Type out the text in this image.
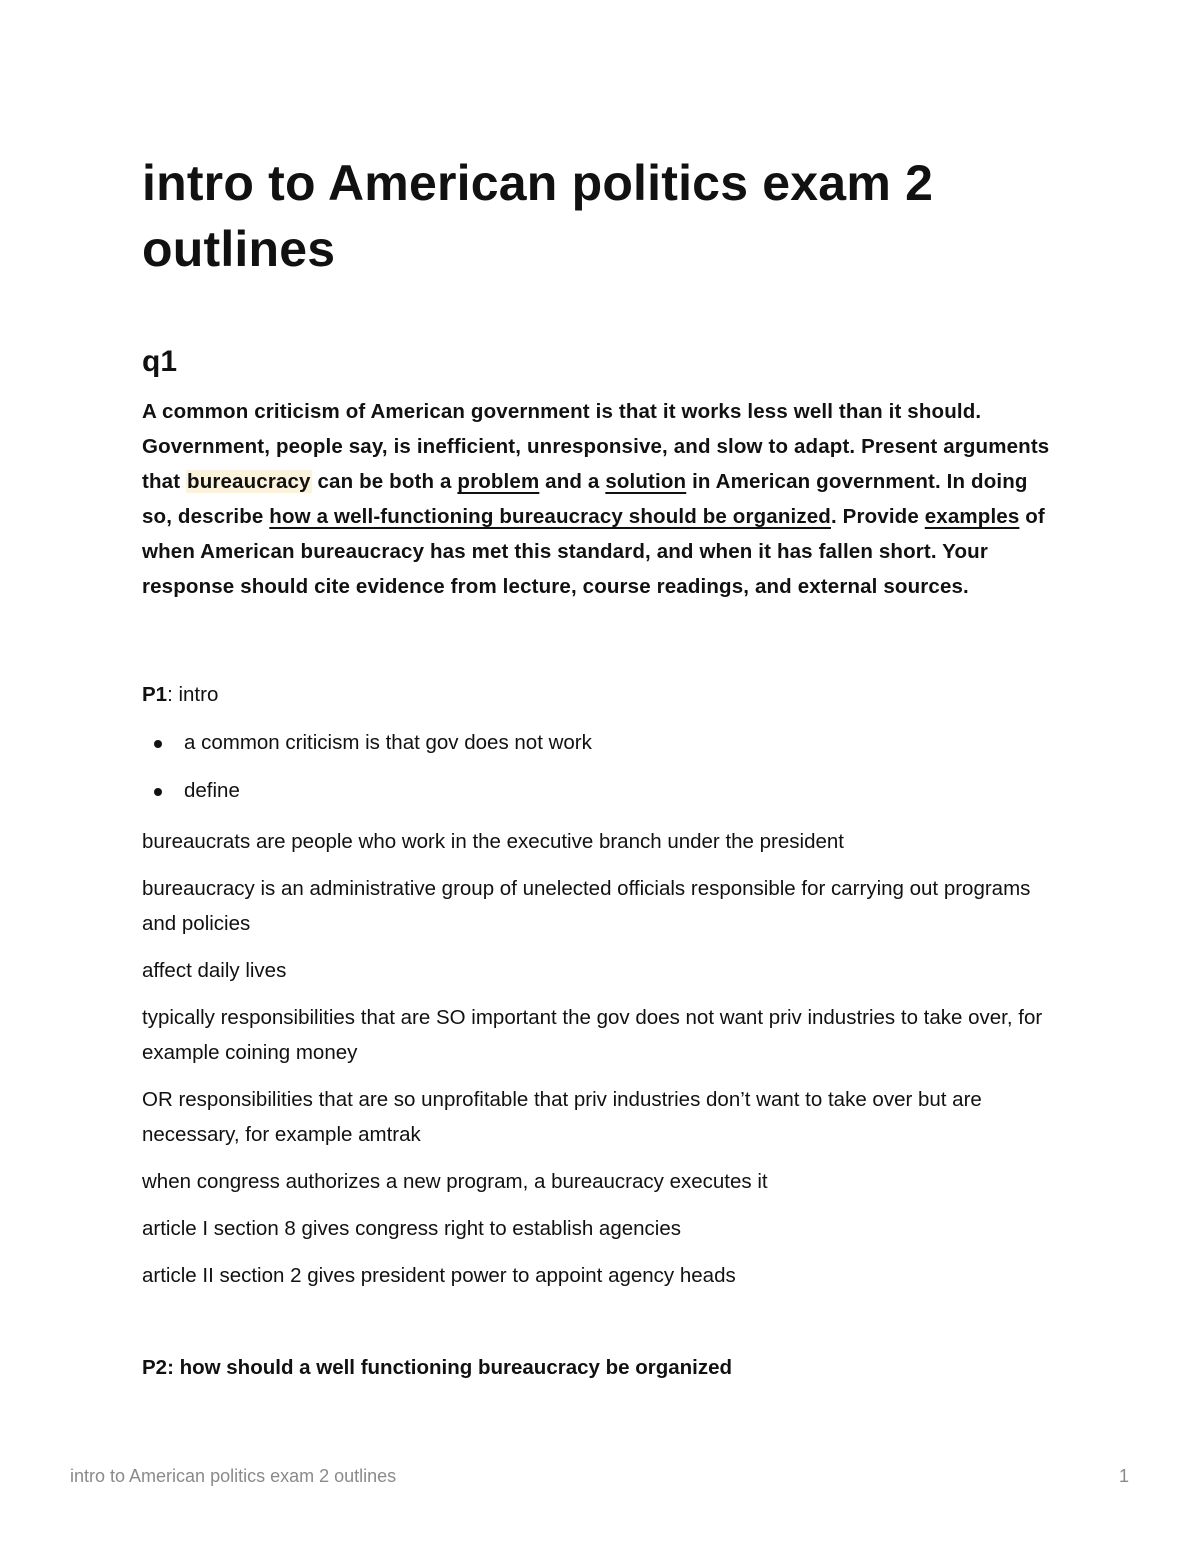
intro to American politics exam 2 outlines
q1

A common criticism of American government is that it works less well than it should. Government, people say, is inefficient, unresponsive, and slow to adapt. Present arguments that bureaucracy can be both a problem and a solution in American government. In doing so, describe how a well-functioning bureaucracy should be organized. Provide examples of when American bureaucracy has met this standard, and when it has fallen short. Your response should cite evidence from lecture, course readings, and external sources.

P1: intro

a common criticism is that gov does not work
define

bureaucrats are people who work in the executive branch under the president

bureaucracy is an administrative group of unelected officials responsible for carrying out programs and policies

affect daily lives

typically responsibilities that are SO important the gov does not want priv industries to take over, for example coining money

OR responsibilities that are so unprofitable that priv industries don’t want to take over but are necessary, for example amtrak

when congress authorizes a new program, a bureaucracy executes it

article I section 8 gives congress right to establish agencies

article II section 2 gives president power to appoint agency heads

P2: how should a well functioning bureaucracy be organized

intro to American politics exam 2 outlines	1
